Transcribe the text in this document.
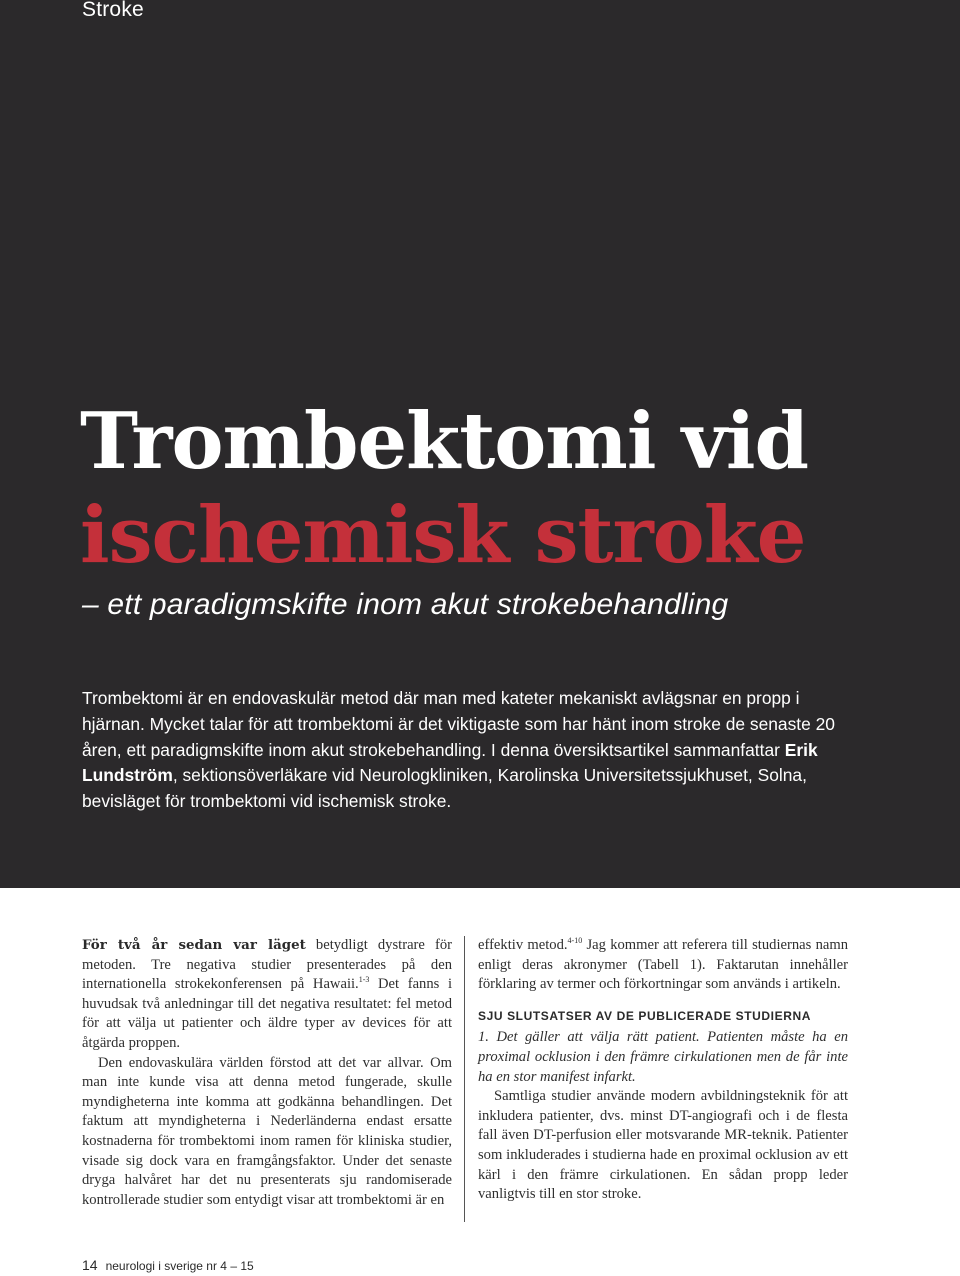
Stroke
Trombektomi vid
ischemisk stroke
– ett paradigmskifte inom akut strokebehandling

Trombektomi är en endovaskulär metod där man med kateter mekaniskt avlägsnar en propp i hjärnan. Mycket talar för att trombektomi är det viktigaste som har hänt inom stroke de senaste 20 åren, ett paradigmskifte inom akut strokebehandling. I denna översiktsartikel sammanfattar Erik Lundström, sektionsöverläkare vid Neurologkliniken, Karolinska Universitetssjukhuset, Solna, bevisläget för trombektomi vid ischemisk stroke.

För två år sedan var läget betydligt dystrare för metoden. Tre negativa studier presenterades på den internationella strokekonferensen på Hawaii.$^{1-3}$ Det fanns i huvudsak två anledningar till det negativa resultatet: fel metod för att välja ut patienter och äldre typer av devices för att åtgärda proppen.

Den endovaskulära världen förstod att det var allvar. Om man inte kunde visa att denna metod fungerade, skulle myndigheterna inte komma att godkänna behandlingen. Det faktum att myndigheterna i Nederländerna endast ersatte kostnaderna för trombektomi inom ramen för kliniska studier, visade sig dock vara en framgångsfaktor. Under det senaste dryga halvåret har det nu presenterats sju randomiserade kontrollerade studier som entydigt visar att trombektomi är en

effektiv metod.$^{4-10}$ Jag kommer att referera till studiernas namn enligt deras akronymer (Tabell 1). Faktarutan innehåller förklaring av termer och förkortningar som används i artikeln.

SJU SLUTSATSER AV DE PUBLICERADE STUDIERNA

1. Det gäller att välja rätt patient. Patienten måste ha en proximal ocklusion i den främre cirkulationen men de får inte ha en stor manifest infarkt.

Samtliga studier använde modern avbildningsteknik för att inkludera patienter, dvs. minst DT-angiografi och i de flesta fall även DT-perfusion eller motsvarande MR-teknik. Patienter som inkluderades i studierna hade en proximal ocklusion av ett kärl i den främre cirkulationen. En sådan propp leder vanligtvis till en stor stroke.

14 neurologi i sverige nr 4 – 15
